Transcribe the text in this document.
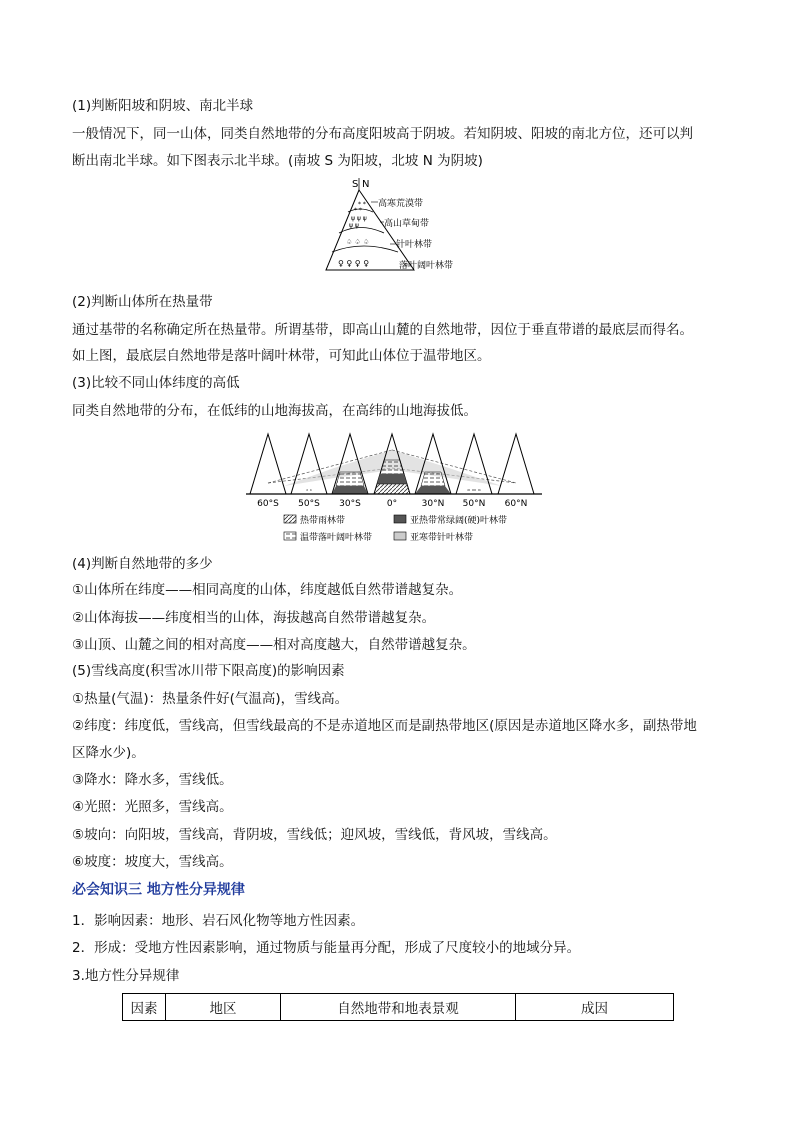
(1)判断阳坡和阴坡、南北半球
一般情况下，同一山体，同类自然地带的分布高度阳坡高于阴坡。若知阴坡、阳坡的南北方位，还可以判
断出南北半球。如下图表示北半球。(南坡 S 为阳坡，北坡 N 为阴坡)
S N
* *
* *
ψ ψ ψ
ψ ψ
♤ ♤ ♤
♀ ♀ ♀ ♀
高寒荒漠带
高山草甸带
针叶林带
落叶阔叶林带
(2)判断山体所在热量带
通过基带的名称确定所在热量带。所谓基带，即高山山麓的自然地带，因位于垂直带谱的最底层而得名。
如上图，最底层自然地带是落叶阔叶林带，可知此山体位于温带地区。
(3)比较不同山体纬度的高低
同类自然地带的分布，在低纬的山地海拔高，在高纬的山地海拔低。
60°S 50°S 30°S	0°	30°N 50°N 60°N
热带雨林带	亚热带常绿阔(硬)叶林带
温带落叶阔叶林带	亚寒带针叶林带
(4)判断自然地带的多少
①山体所在纬度——相同高度的山体，纬度越低自然带谱越复杂。
②山体海拔——纬度相当的山体，海拔越高自然带谱越复杂。
③山顶、山麓之间的相对高度——相对高度越大，自然带谱越复杂。
(5)雪线高度(积雪冰川带下限高度)的影响因素
①热量(气温)：热量条件好(气温高)，雪线高。
②纬度：纬度低，雪线高，但雪线最高的不是赤道地区而是副热带地区(原因是赤道地区降水多，副热带地
区降水少)。
③降水：降水多，雪线低。
④光照：光照多，雪线高。
⑤坡向：向阳坡，雪线高，背阴坡，雪线低；迎风坡，雪线低，背风坡，雪线高。
⑥坡度：坡度大，雪线高。
必会知识三 地方性分异规律
1．影响因素：地形、岩石风化物等地方性因素。
2．形成：受地方性因素影响，通过物质与能量再分配，形成了尺度较小的地域分异。
3.地方性分异规律
因素	地区	自然地带和地表景观	成因
